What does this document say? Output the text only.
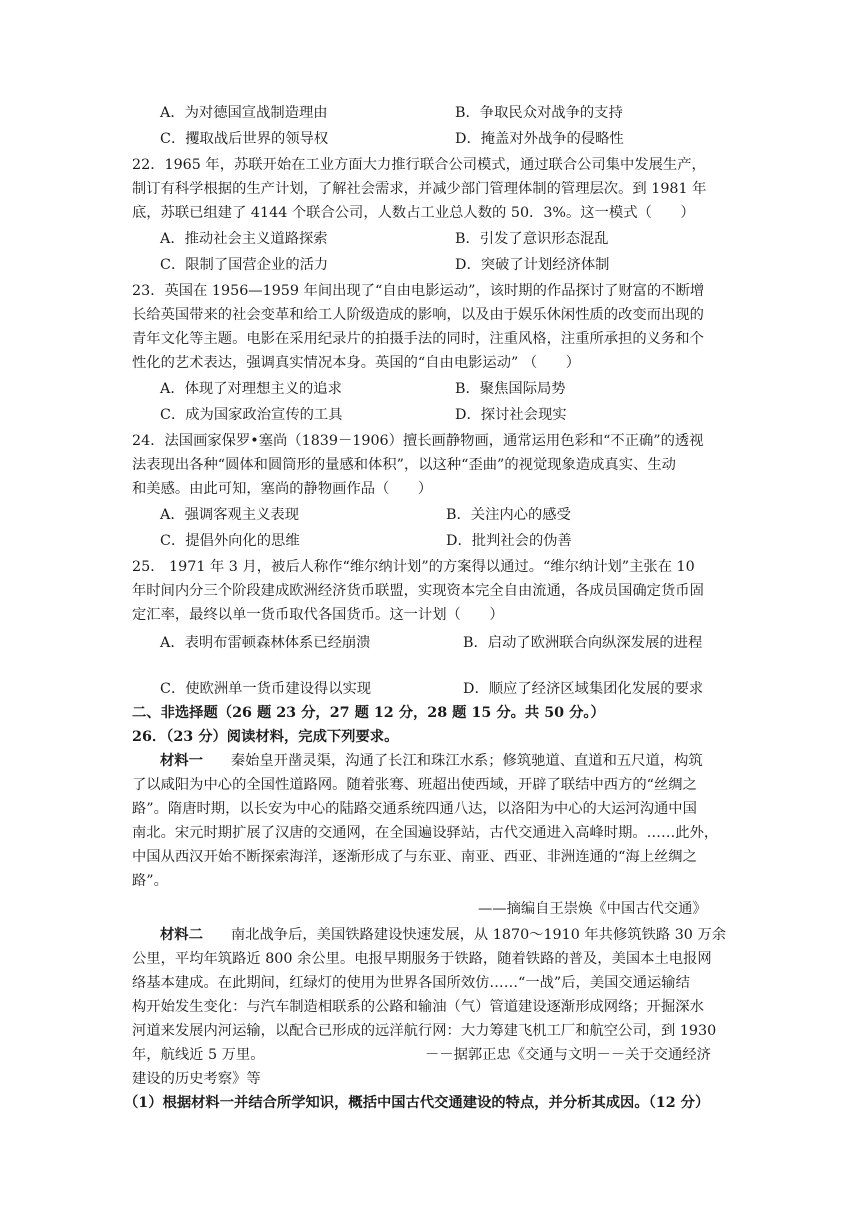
A．为对德国宣战制造理由	B．争取民众对战争的支持
C．攫取战后世界的领导权	D．掩盖对外战争的侵略性
22．1965 年，苏联开始在工业方面大力推行联合公司模式，通过联合公司集中发展生产，
制订有科学根据的生产计划，了解社会需求，并减少部门管理体制的管理层次。到 1981 年
底，苏联已组建了 4144 个联合公司，人数占工业总人数的 50．3%。这一模式（　　）
A．推动社会主义道路探索	B．引发了意识形态混乱
C．限制了国营企业的活力	D．突破了计划经济体制
23．英国在 1956—1959 年间出现了“自由电影运动”，该时期的作品探讨了财富的不断增
长给英国带来的社会变革和给工人阶级造成的影响，以及由于娱乐休闲性质的改变而出现的
青年文化等主题。电影在采用纪录片的拍摄手法的同时，注重风格，注重所承担的义务和个
性化的艺术表达，强调真实情况本身。英国的“自由电影运动” （　　）
A．体现了对理想主义的追求	B．聚焦国际局势
C．成为国家政治宣传的工具	D．探讨社会现实
24．法国画家保罗•塞尚（1839－1906）擅长画静物画，通常运用色彩和“不正确”的透视
法表现出各种“圆体和圆筒形的量感和体积”，以这种“歪曲”的视觉现象造成真实、生动
和美感。由此可知，塞尚的静物画作品（　　）
A．强调客观主义表现	B．关注内心的感受
C．提倡外向化的思维	D．批判社会的伪善
25． 1971 年 3 月，被后人称作“维尔纳计划”的方案得以通过。“维尔纳计划”主张在 10
年时间内分三个阶段建成欧洲经济货币联盟，实现资本完全自由流通，各成员国确定货币固
定汇率，最终以单一货币取代各国货币。这一计划（　　）
A．表明布雷顿森林体系已经崩溃	B．启动了欧洲联合向纵深发展的进程
C．使欧洲单一货币建设得以实现	D．顺应了经济区域集团化发展的要求
二、非选择题（26 题 23 分，27 题 12 分，28 题 15 分。共 50 分。）
26．（23 分）阅读材料，完成下列要求。
材料一 秦始皇开凿灵渠，沟通了长江和珠江水系；修筑驰道、直道和五尺道，构筑
了以咸阳为中心的全国性道路网。随着张骞、班超出使西域，开辟了联结中西方的“丝绸之
路”。隋唐时期，以长安为中心的陆路交通系统四通八达，以洛阳为中心的大运河沟通中国
南北。宋元时期扩展了汉唐的交通网，在全国遍设驿站，古代交通进入高峰时期。……此外，
中国从西汉开始不断探索海洋，逐渐形成了与东亚、南亚、西亚、非洲连通的“海上丝绸之
路”。
——摘编自王崇焕《中国古代交通》
材料二 南北战争后，美国铁路建设快速发展，从 1870～1910 年共修筑铁路 30 万余
公里，平均年筑路近 800 余公里。电报早期服务于铁路，随着铁路的普及，美国本土电报网
络基本建成。在此期间，红绿灯的使用为世界各国所效仿……“一战”后，美国交通运输结
构开始发生变化：与汽车制造相联系的公路和输油（气）管道建设逐渐形成网络；开掘深水
河道来发展内河运输，以配合已形成的远洋航行网：大力筹建飞机工厂和航空公司，到 1930
年，航线近 5 万里。	－－据郭正忠《交通与文明－－关于交通经济
建设的历史考察》等
（1）根据材料一并结合所学知识，概括中国古代交通建设的特点，并分析其成因。（12 分）
